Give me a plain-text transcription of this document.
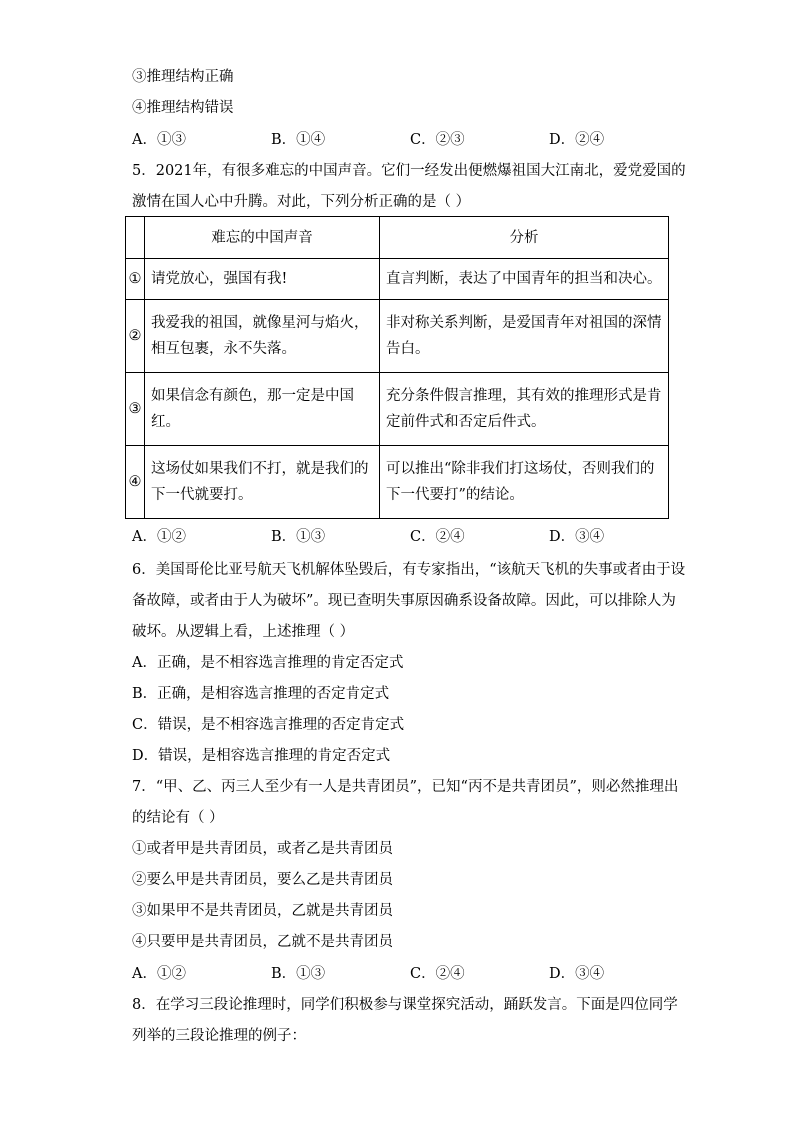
③推理结构正确
④推理结构错误
A．①③	B．①④	C．②③	D．②④
5．2021年，有很多难忘的中国声音。它们一经发出便燃爆祖国大江南北，爱党爱国的
激情在国人心中升腾。对此，下列分析正确的是（ ）
	难忘的中国声音	分析
①	请党放心，强国有我!	直言判断，表达了中国青年的担当和决心。
②	我爱我的祖国，就像星河与焰火，相互包裹，永不失落。	非对称关系判断，是爱国青年对祖国的深情告白。
③	如果信念有颜色，那一定是中国红。	充分条件假言推理，其有效的推理形式是肯定前件式和否定后件式。
④	这场仗如果我们不打，就是我们的下一代就要打。	可以推出“除非我们打这场仗，否则我们的下一代要打”的结论。
A．①②	B．①③	C．②④	D．③④
6．美国哥伦比亚号航天飞机解体坠毁后，有专家指出，“该航天飞机的失事或者由于设
备故障，或者由于人为破坏”。现已查明失事原因确系设备故障。因此，可以排除人为
破坏。从逻辑上看，上述推理（ ）
A．正确，是不相容选言推理的肯定否定式
B．正确，是相容选言推理的否定肯定式
C．错误，是不相容选言推理的否定肯定式
D．错误，是相容选言推理的肯定否定式
7．“甲、乙、丙三人至少有一人是共青团员”，已知“丙不是共青团员”，则必然推理出
的结论有（ ）
①或者甲是共青团员，或者乙是共青团员
②要么甲是共青团员，要么乙是共青团员
③如果甲不是共青团员，乙就是共青团员
④只要甲是共青团员，乙就不是共青团员
A．①②	B．①③	C．②④	D．③④
8．在学习三段论推理时，同学们积极参与课堂探究活动，踊跃发言。下面是四位同学
列举的三段论推理的例子：
